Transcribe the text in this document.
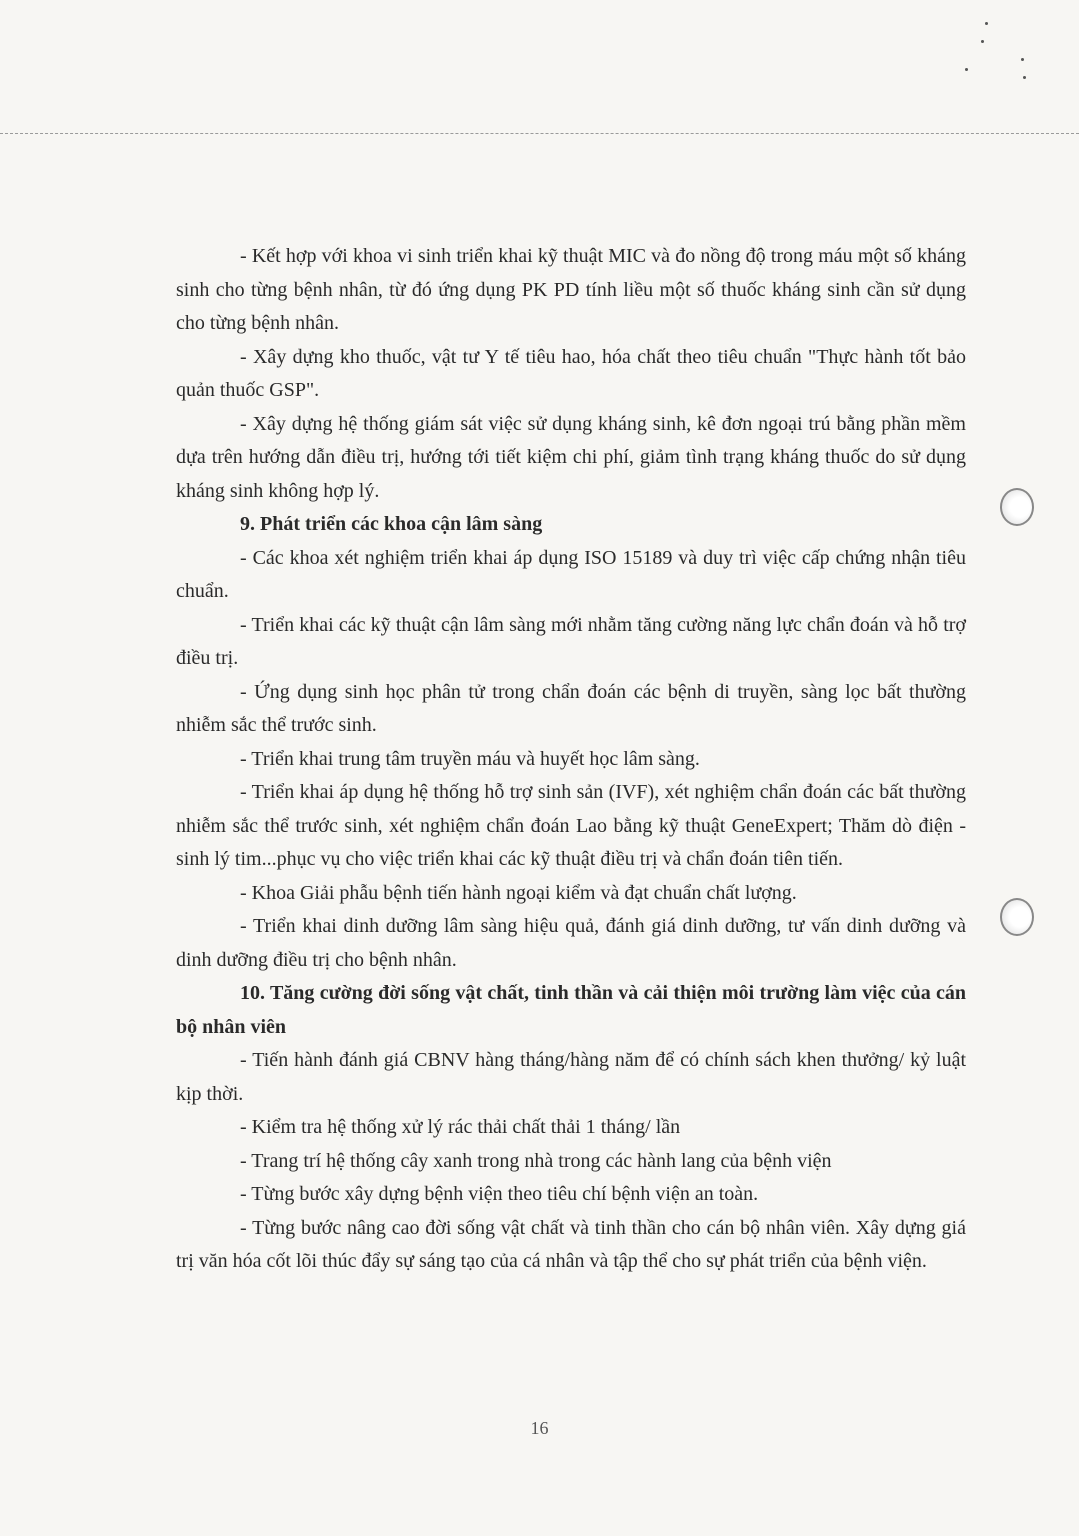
- Kết hợp với khoa vi sinh triển khai kỹ thuật MIC và đo nồng độ trong máu một số kháng sinh cho từng bệnh nhân, từ đó ứng dụng PK PD tính liều một số thuốc kháng sinh cần sử dụng cho từng bệnh nhân.

- Xây dựng kho thuốc, vật tư Y tế tiêu hao, hóa chất theo tiêu chuẩn "Thực hành tốt bảo quản thuốc GSP".

- Xây dựng hệ thống giám sát việc sử dụng kháng sinh, kê đơn ngoại trú bằng phần mềm dựa trên hướng dẫn điều trị, hướng tới tiết kiệm chi phí, giảm tình trạng kháng thuốc do sử dụng kháng sinh không hợp lý.

9. Phát triển các khoa cận lâm sàng

- Các khoa xét nghiệm triển khai áp dụng ISO 15189 và duy trì việc cấp chứng nhận tiêu chuẩn.

- Triển khai các kỹ thuật cận lâm sàng mới nhằm tăng cường năng lực chẩn đoán và hỗ trợ điều trị.

- Ứng dụng sinh học phân tử trong chẩn đoán các bệnh di truyền, sàng lọc bất thường nhiễm sắc thể trước sinh.

- Triển khai trung tâm truyền máu và huyết học lâm sàng.

- Triển khai áp dụng hệ thống hỗ trợ sinh sản (IVF), xét nghiệm chẩn đoán các bất thường nhiễm sắc thể trước sinh, xét nghiệm chẩn đoán Lao bằng kỹ thuật GeneExpert; Thăm dò điện - sinh lý tim...phục vụ cho việc triển khai các kỹ thuật điều trị và chẩn đoán tiên tiến.

- Khoa Giải phẫu bệnh tiến hành ngoại kiểm và đạt chuẩn chất lượng.

- Triển khai dinh dưỡng lâm sàng hiệu quả, đánh giá dinh dưỡng, tư vấn dinh dưỡng và dinh dưỡng điều trị cho bệnh nhân.

10. Tăng cường đời sống vật chất, tinh thần và cải thiện môi trường làm việc của cán bộ nhân viên

- Tiến hành đánh giá CBNV hàng tháng/hàng năm để có chính sách khen thưởng/ kỷ luật kịp thời.

- Kiểm tra hệ thống xử lý rác thải chất thải 1 tháng/ lần

- Trang trí hệ thống cây xanh trong nhà trong các hành lang của bệnh viện

- Từng bước xây dựng bệnh viện theo tiêu chí bệnh viện an toàn.

- Từng bước nâng cao đời sống vật chất và tinh thần cho cán bộ nhân viên. Xây dựng giá trị văn hóa cốt lõi thúc đẩy sự sáng tạo của cá nhân và tập thể cho sự phát triển của bệnh viện.

16
